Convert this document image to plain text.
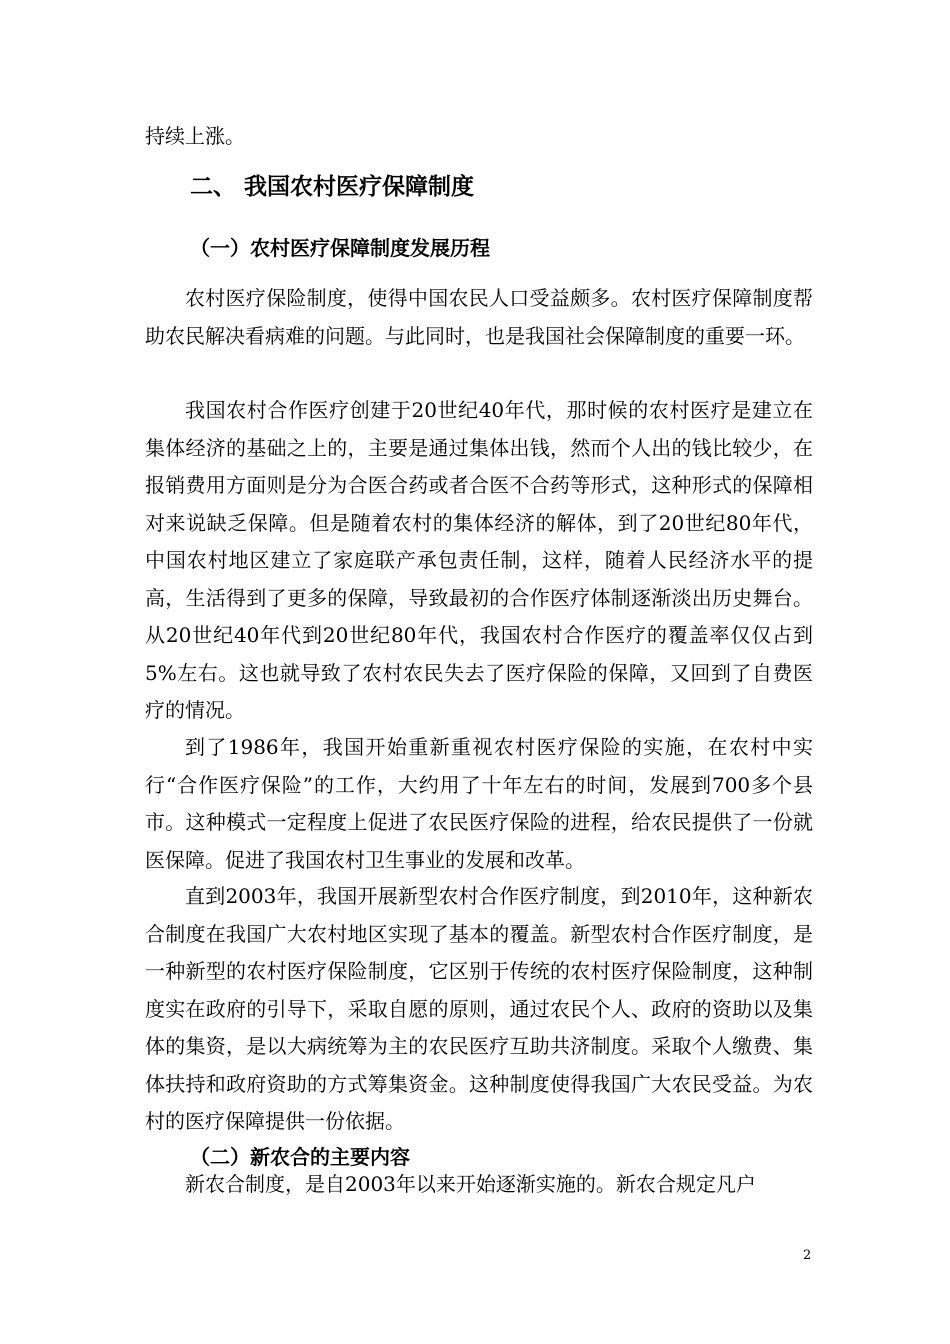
持续上涨。

二、 我国农村医疗保障制度
（一）农村医疗保障制度发展历程

农村医疗保险制度，使得中国农民人口受益颇多。农村医疗保障制度帮助农民解决看病难的问题。与此同时，也是我国社会保障制度的重要一环。

我国农村合作医疗创建于20世纪40年代，那时候的农村医疗是建立在集体经济的基础之上的，主要是通过集体出钱，然而个人出的钱比较少，在报销费用方面则是分为合医合药或者合医不合药等形式，这种形式的保障相对来说缺乏保障。但是随着农村的集体经济的解体，到了20世纪80年代，中国农村地区建立了家庭联产承包责任制，这样，随着人民经济水平的提高，生活得到了更多的保障，导致最初的合作医疗体制逐渐淡出历史舞台。从20世纪40年代到20世纪80年代，我国农村合作医疗的覆盖率仅仅占到5%左右。这也就导致了农村农民失去了医疗保险的保障，又回到了自费医疗的情况。

到了1986年，我国开始重新重视农村医疗保险的实施，在农村中实行“合作医疗保险”的工作，大约用了十年左右的时间，发展到700多个县市。这种模式一定程度上促进了农民医疗保险的进程，给农民提供了一份就医保障。促进了我国农村卫生事业的发展和改革。

直到2003年，我国开展新型农村合作医疗制度，到2010年，这种新农合制度在我国广大农村地区实现了基本的覆盖。新型农村合作医疗制度，是一种新型的农村医疗保险制度，它区别于传统的农村医疗保险制度，这种制度实在政府的引导下，采取自愿的原则，通过农民个人、政府的资助以及集体的集资，是以大病统筹为主的农民医疗互助共济制度。采取个人缴费、集体扶持和政府资助的方式筹集资金。这种制度使得我国广大农民受益。为农村的医疗保障提供一份依据。

（二）新农合的主要内容

新农合制度，是自2003年以来开始逐渐实施的。新农合规定凡户

2
